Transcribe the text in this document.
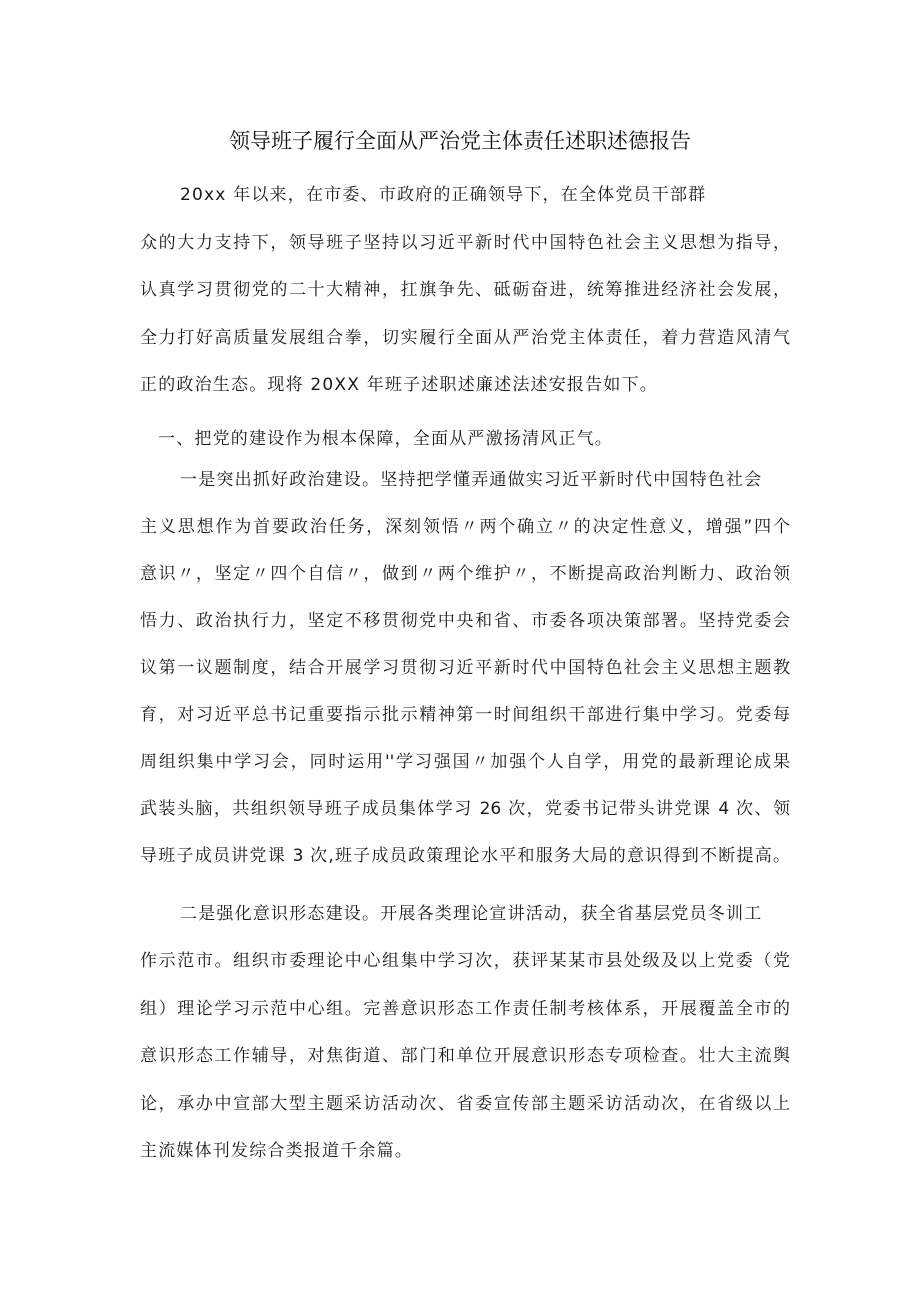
领导班子履行全面从严治党主体责任述职述德报告
20xx 年以来，在市委、市政府的正确领导下，在全体党员干部群
众的大力支持下，领导班子坚持以习近平新时代中国特色社会主义思想为指导，
认真学习贯彻党的二十大精神，扛旗争先、砥砺奋进，统筹推进经济社会发展，
全力打好高质量发展组合拳，切实履行全面从严治党主体责任，着力营造风清气
正的政治生态。现将 20XX 年班子述职述廉述法述安报告如下。
一、把党的建设作为根本保障，全面从严激扬清风正气。
一是突出抓好政治建设。坚持把学懂弄通做实习近平新时代中国特色社会
主义思想作为首要政治任务，深刻领悟〃两个确立〃的决定性意义，增强”四个
意识〃，坚定〃四个自信〃，做到〃两个维护〃，不断提高政治判断力、政治领
悟力、政治执行力，坚定不移贯彻党中央和省、市委各项决策部署。坚持党委会
议第一议题制度，结合开展学习贯彻习近平新时代中国特色社会主义思想主题教
育，对习近平总书记重要指示批示精神第一时间组织干部进行集中学习。党委每
周组织集中学习会，同时运用''学习强国〃加强个人自学，用党的最新理论成果
武装头脑，共组织领导班子成员集体学习 26 次，党委书记带头讲党课 4 次、领
导班子成员讲党课 3 次,班子成员政策理论水平和服务大局的意识得到不断提高。
二是强化意识形态建设。开展各类理论宣讲活动，获全省基层党员冬训工
作示范市。组织市委理论中心组集中学习次，获评某某市县处级及以上党委（党
组）理论学习示范中心组。完善意识形态工作责任制考核体系，开展覆盖全市的
意识形态工作辅导，对焦街道、部门和单位开展意识形态专项检查。壮大主流舆
论，承办中宣部大型主题采访活动次、省委宣传部主题采访活动次，在省级以上
主流媒体刊发综合类报道千余篇。
